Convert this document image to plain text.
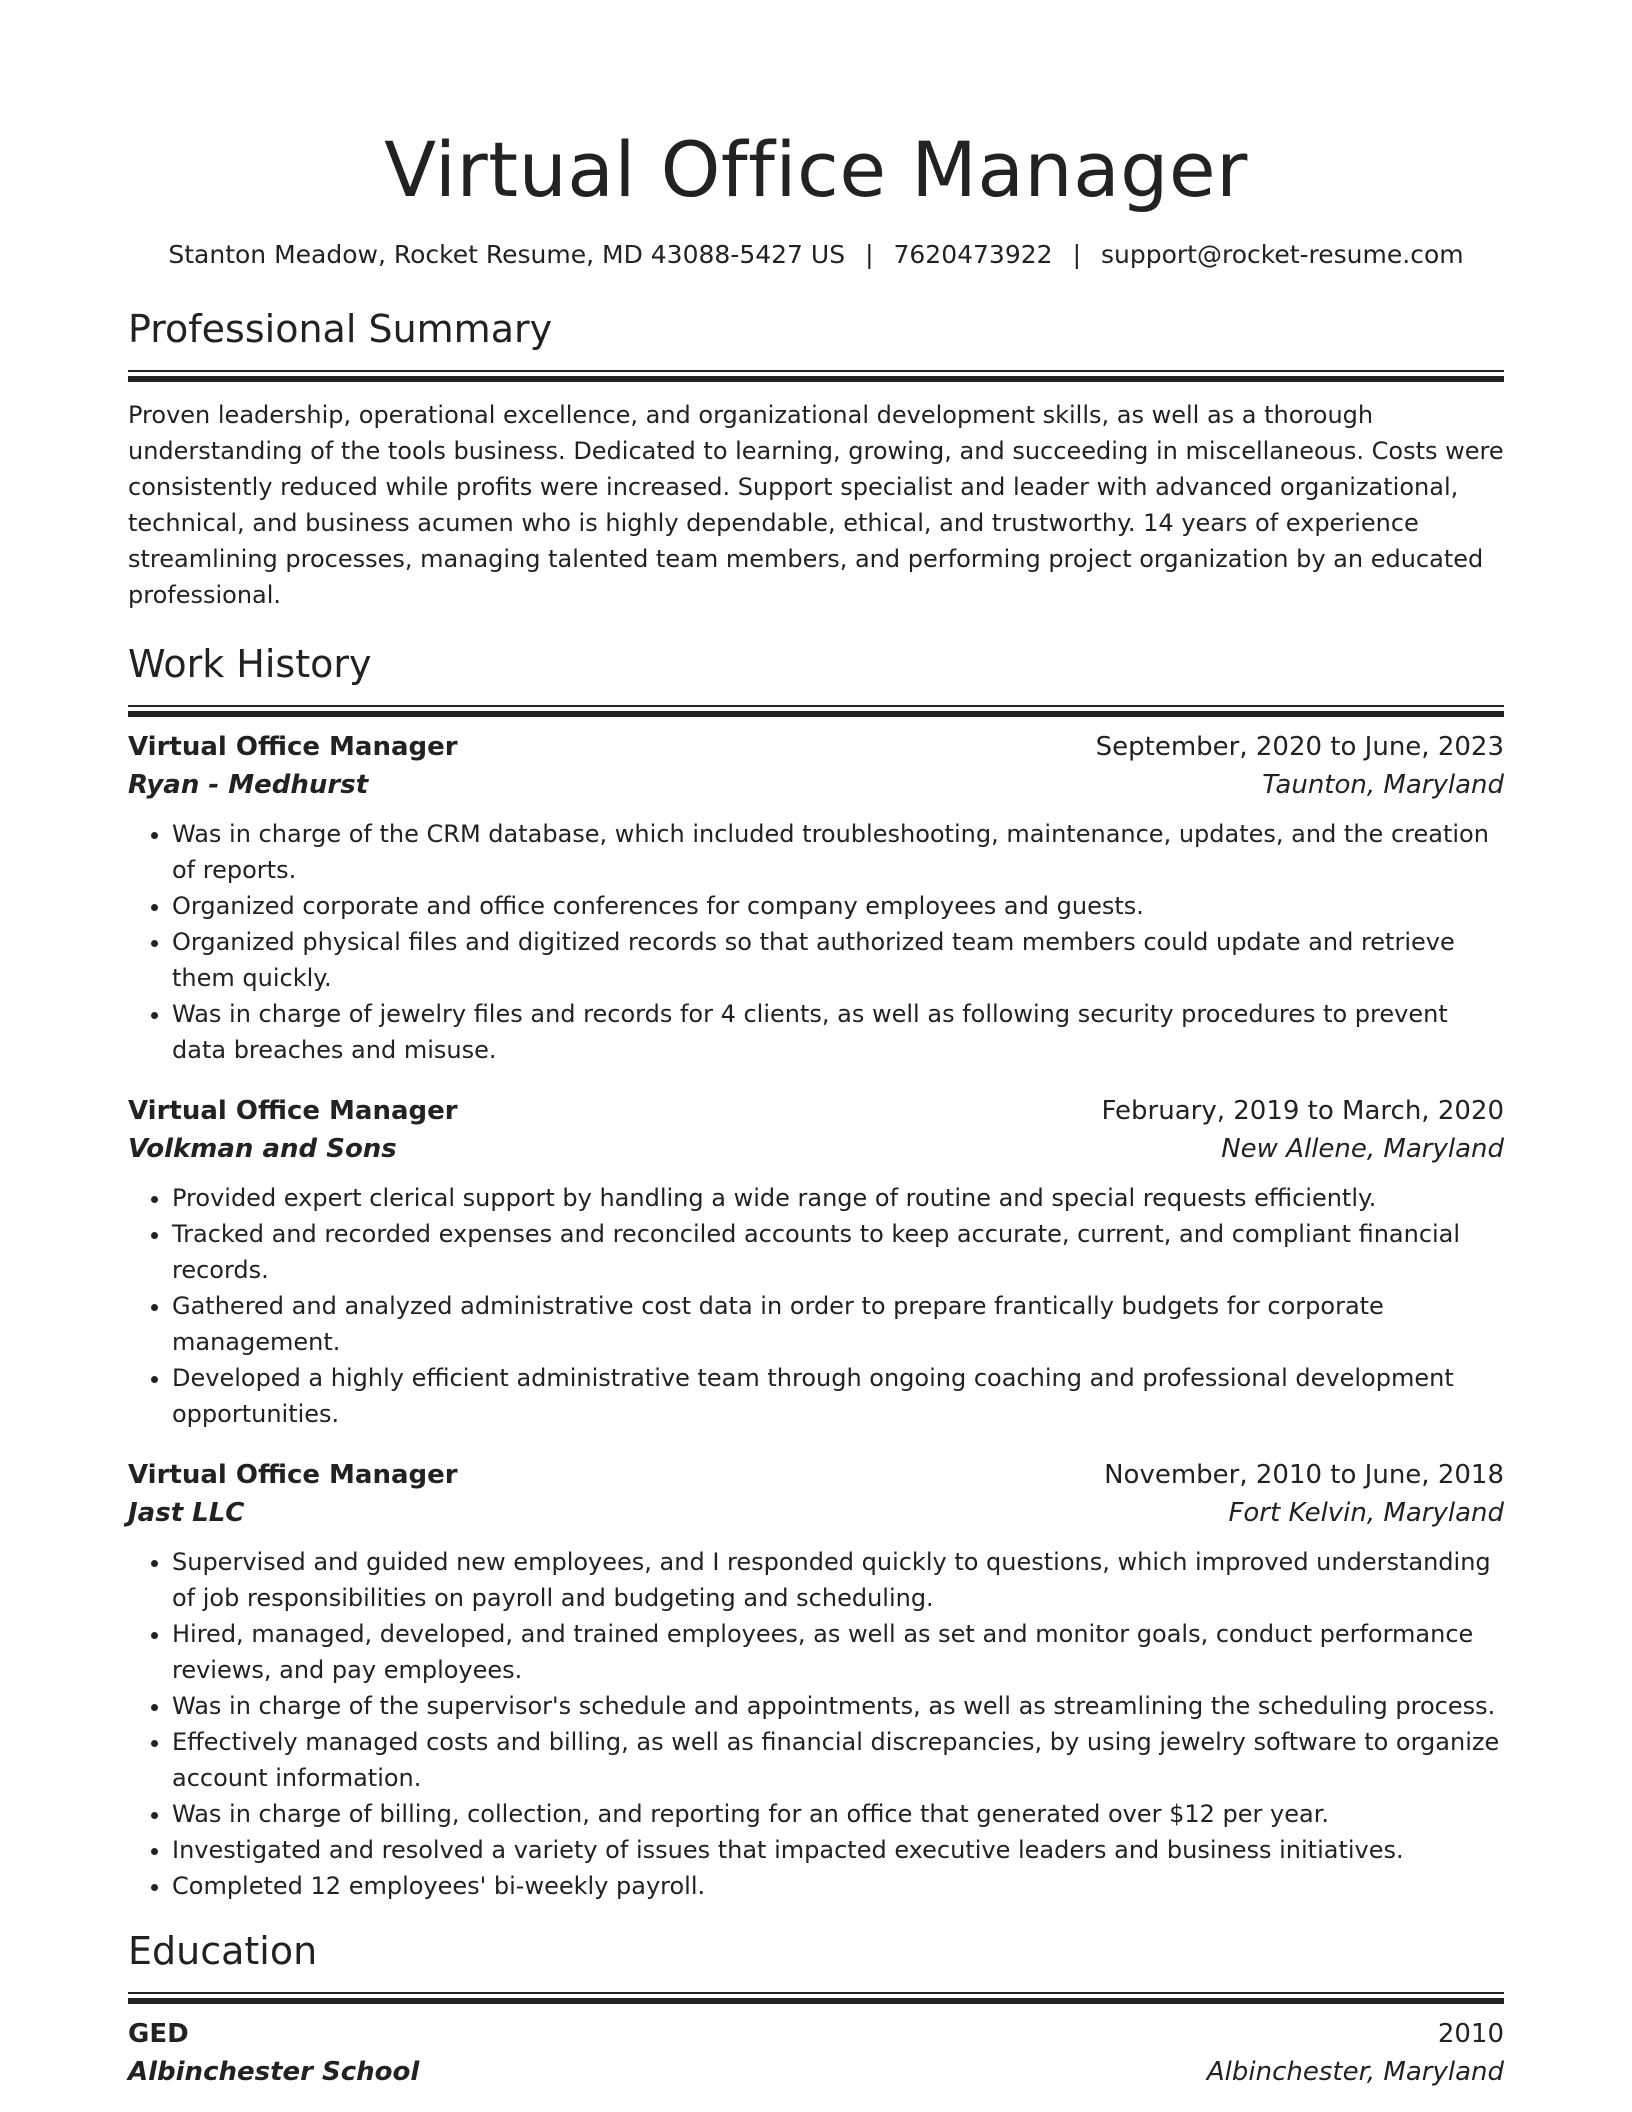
Virtual Office Manager
Stanton Meadow, Rocket Resume, MD 43088-5427 US | 7620473922 | support@rocket-resume.com
Professional Summary
Proven leadership, operational excellence, and organizational development skills, as well as a thorough understanding of the tools business. Dedicated to learning, growing, and succeeding in miscellaneous. Costs were consistently reduced while profits were increased. Support specialist and leader with advanced organizational, technical, and business acumen who is highly dependable, ethical, and trustworthy. 14 years of experience streamlining processes, managing talented team members, and performing project organization by an educated professional.
Work History
Virtual Office Manager	September, 2020 to June, 2023
Ryan - Medhurst	Taunton, Maryland
• Was in charge of the CRM database, which included troubleshooting, maintenance, updates, and the creation of reports.
• Organized corporate and office conferences for company employees and guests.
• Organized physical files and digitized records so that authorized team members could update and retrieve them quickly.
• Was in charge of jewelry files and records for 4 clients, as well as following security procedures to prevent data breaches and misuse.
Virtual Office Manager	February, 2019 to March, 2020
Volkman and Sons	New Allene, Maryland
• Provided expert clerical support by handling a wide range of routine and special requests efficiently.
• Tracked and recorded expenses and reconciled accounts to keep accurate, current, and compliant financial records.
• Gathered and analyzed administrative cost data in order to prepare frantically budgets for corporate management.
• Developed a highly efficient administrative team through ongoing coaching and professional development opportunities.
Virtual Office Manager	November, 2010 to June, 2018
Jast LLC	Fort Kelvin, Maryland
• Supervised and guided new employees, and I responded quickly to questions, which improved understanding of job responsibilities on payroll and budgeting and scheduling.
• Hired, managed, developed, and trained employees, as well as set and monitor goals, conduct performance reviews, and pay employees.
• Was in charge of the supervisor's schedule and appointments, as well as streamlining the scheduling process.
• Effectively managed costs and billing, as well as financial discrepancies, by using jewelry software to organize account information.
• Was in charge of billing, collection, and reporting for an office that generated over $12 per year.
• Investigated and resolved a variety of issues that impacted executive leaders and business initiatives.
• Completed 12 employees' bi-weekly payroll.
Education
GED	2010
Albinchester School	Albinchester, Maryland
